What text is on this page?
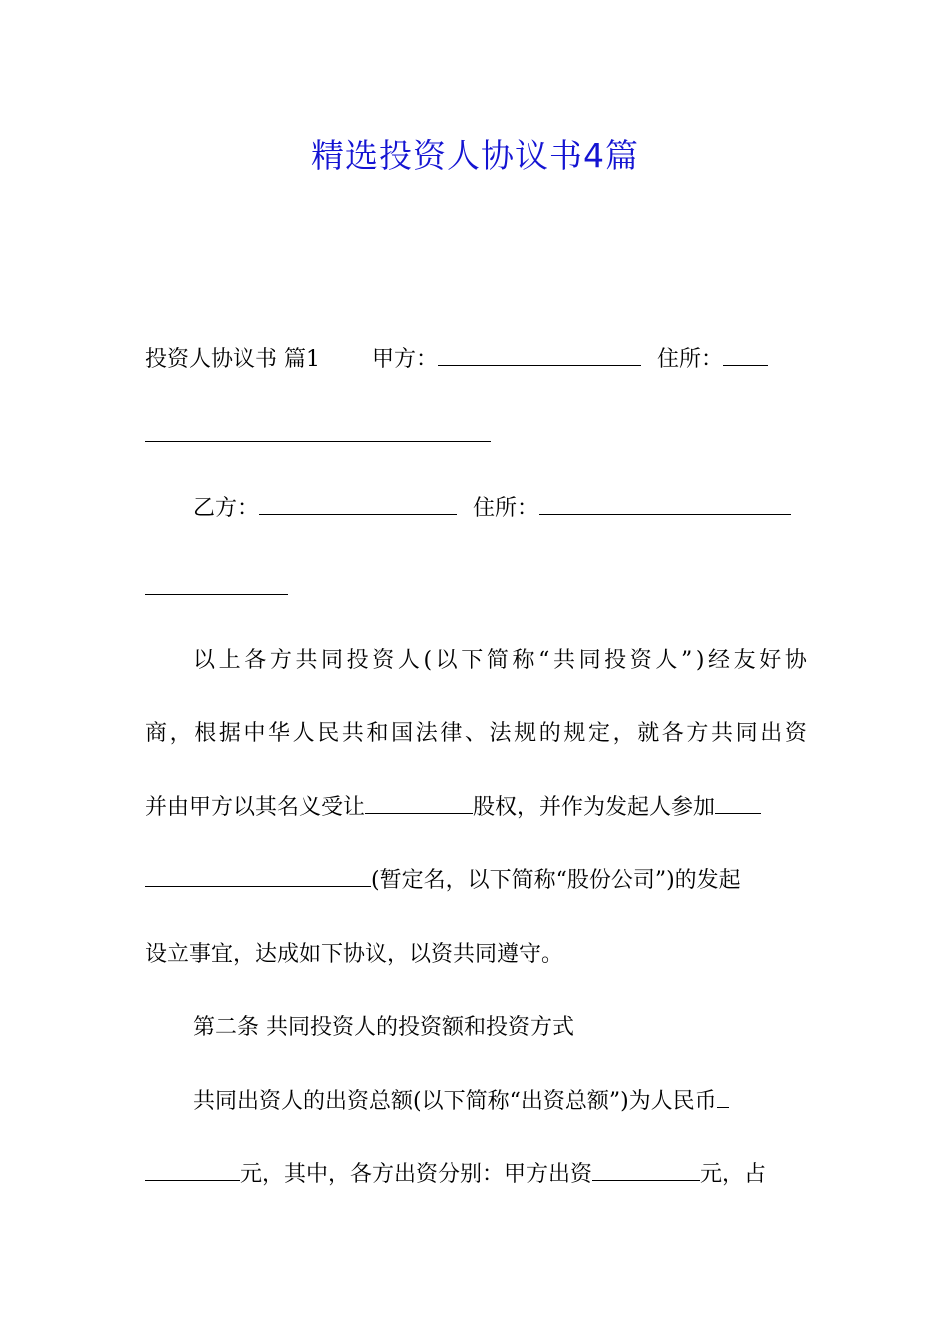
精选投资人协议书4篇
投资人协议书 篇1 甲方：	住所：
乙方：	住所：
以 上 各 方 共 同 投 资 人 ( 以 下 简 称 “ 共 同 投 资 人 ” ) 经 友 好 协
商 ， 根 据 中 华 人 民 共 和 国 法 律 、 法 规 的 规 定 ， 就 各 方 共 同 出 资
并由甲方以其名义受让	股权，并作为发起人参加
(暂定名，以下简称“股份公司”)的发起
设立事宜，达成如下协议，以资共同遵守。
第二条 共同投资人的投资额和投资方式
共同出资人的出资总额(以下简称“出资总额”)为人民币
元，其中，各方出资分别：甲方出资	元，占
